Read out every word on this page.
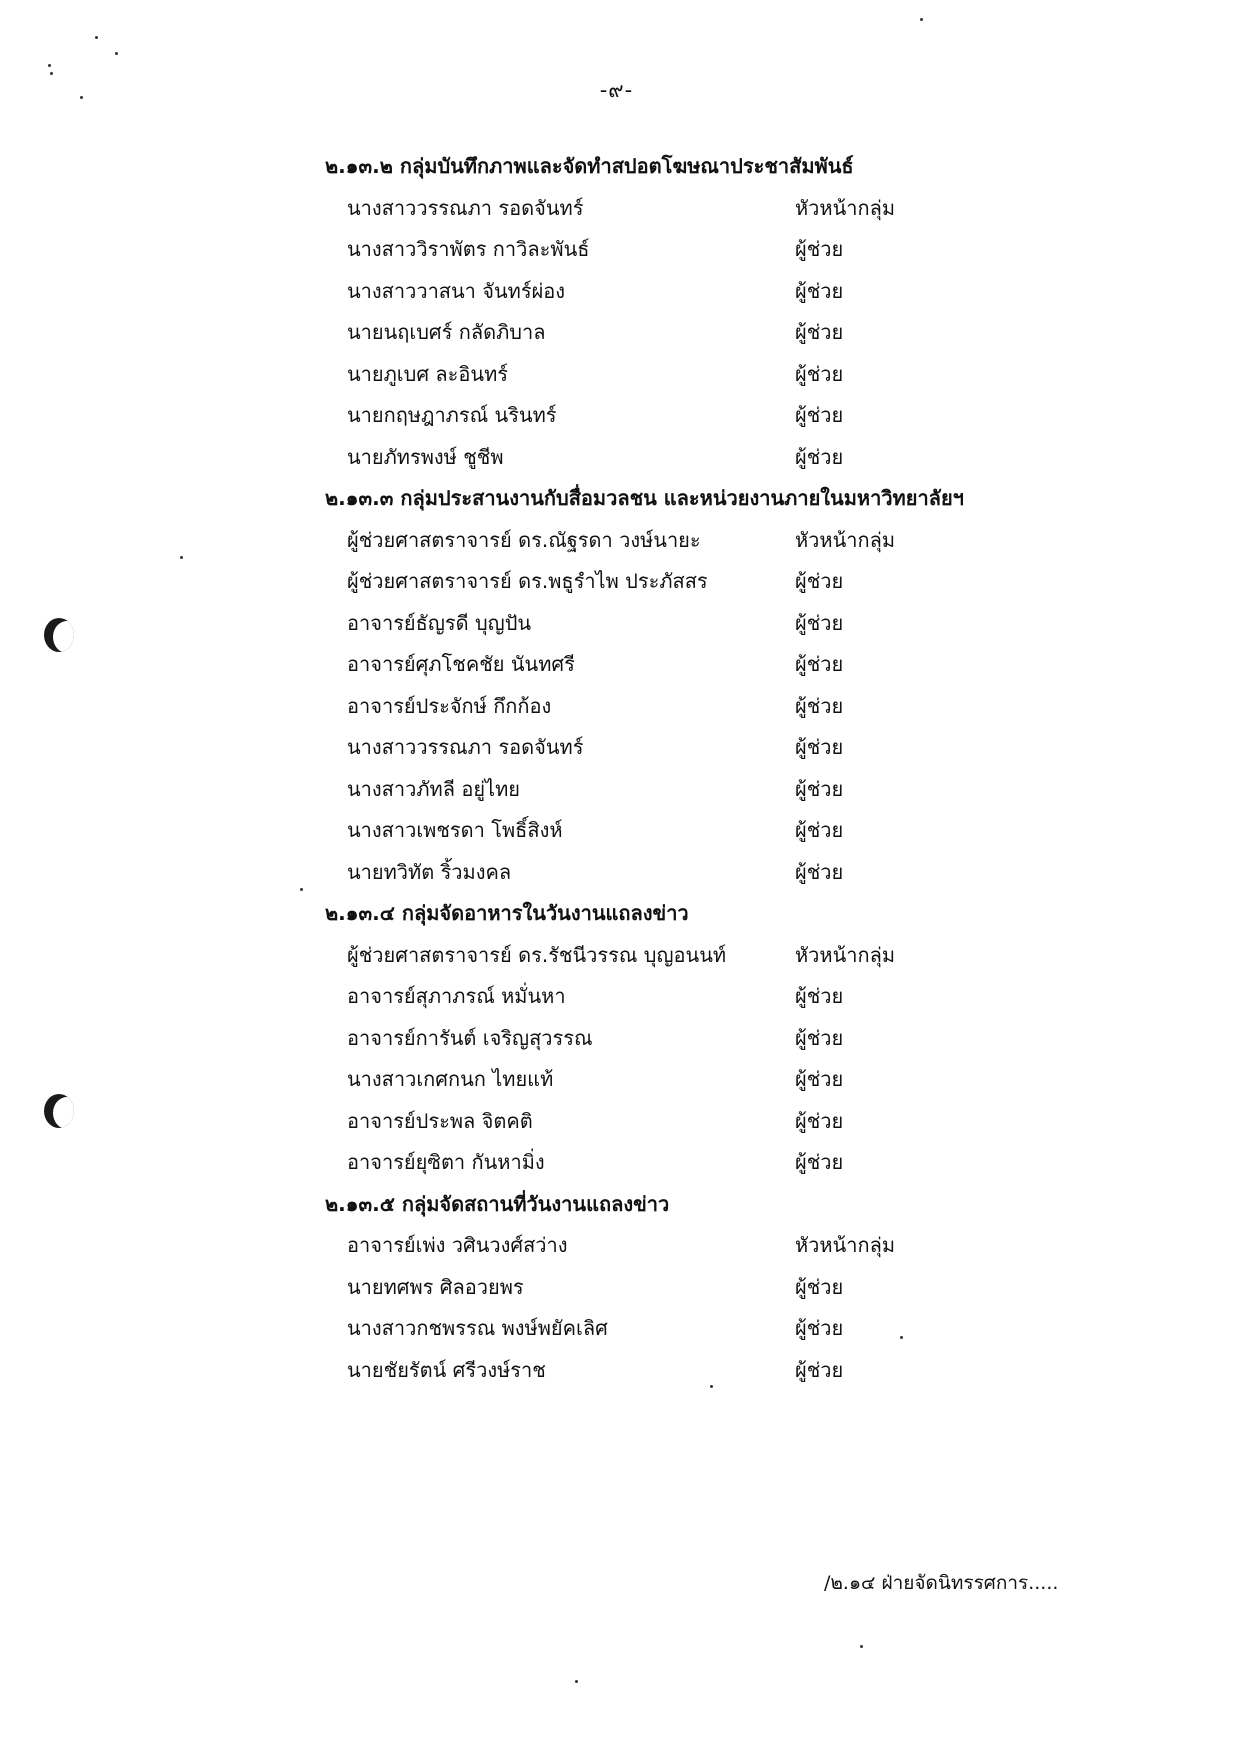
-๙-
๒.๑๓.๒ กลุ่มบันทึกภาพและจัดทำสปอตโฆษณาประชาสัมพันธ์
นางสาววรรณภา รอดจันทร์	หัวหน้ากลุ่ม
นางสาววิราพัตร กาวิละพันธ์	ผู้ช่วย
นางสาววาสนา จันทร์ผ่อง	ผู้ช่วย
นายนฤเบศร์ กลัดภิบาล	ผู้ช่วย
นายภูเบศ ละอินทร์	ผู้ช่วย
นายกฤษฎาภรณ์ นรินทร์	ผู้ช่วย
นายภัทรพงษ์ ชูชีพ	ผู้ช่วย
๒.๑๓.๓ กลุ่มประสานงานกับสื่อมวลชน และหน่วยงานภายในมหาวิทยาลัยฯ
ผู้ช่วยศาสตราจารย์ ดร.ณัฐรดา วงษ์นายะ	หัวหน้ากลุ่ม
ผู้ช่วยศาสตราจารย์ ดร.พธูรำไพ ประภัสสร	ผู้ช่วย
อาจารย์ธัญรดี บุญปัน	ผู้ช่วย
อาจารย์ศุภโชคชัย นันทศรี	ผู้ช่วย
อาจารย์ประจักษ์ กึกก้อง	ผู้ช่วย
นางสาววรรณภา รอดจันทร์	ผู้ช่วย
นางสาวภัทลี อยู่ไทย	ผู้ช่วย
นางสาวเพชรดา โพธิ์สิงห์	ผู้ช่วย
นายทวิทัต ริ้วมงคล	ผู้ช่วย
๒.๑๓.๔ กลุ่มจัดอาหารในวันงานแถลงข่าว
ผู้ช่วยศาสตราจารย์ ดร.รัชนีวรรณ บุญอนนท์	หัวหน้ากลุ่ม
อาจารย์สุภาภรณ์ หมั่นหา	ผู้ช่วย
อาจารย์การันต์ เจริญสุวรรณ	ผู้ช่วย
นางสาวเกศกนก ไทยแท้	ผู้ช่วย
อาจารย์ประพล จิตคติ	ผู้ช่วย
อาจารย์ยุซิตา กันหามิ่ง	ผู้ช่วย
๒.๑๓.๕ กลุ่มจัดสถานที่วันงานแถลงข่าว
อาจารย์เพ่ง วศินวงศ์สว่าง	หัวหน้ากลุ่ม
นายทศพร ศิลอวยพร	ผู้ช่วย
นางสาวกชพรรณ พงษ์พยัคเลิศ	ผู้ช่วย
นายชัยรัตน์ ศรีวงษ์ราช	ผู้ช่วย
/๒.๑๔ ฝ่ายจัดนิทรรศการ.....
